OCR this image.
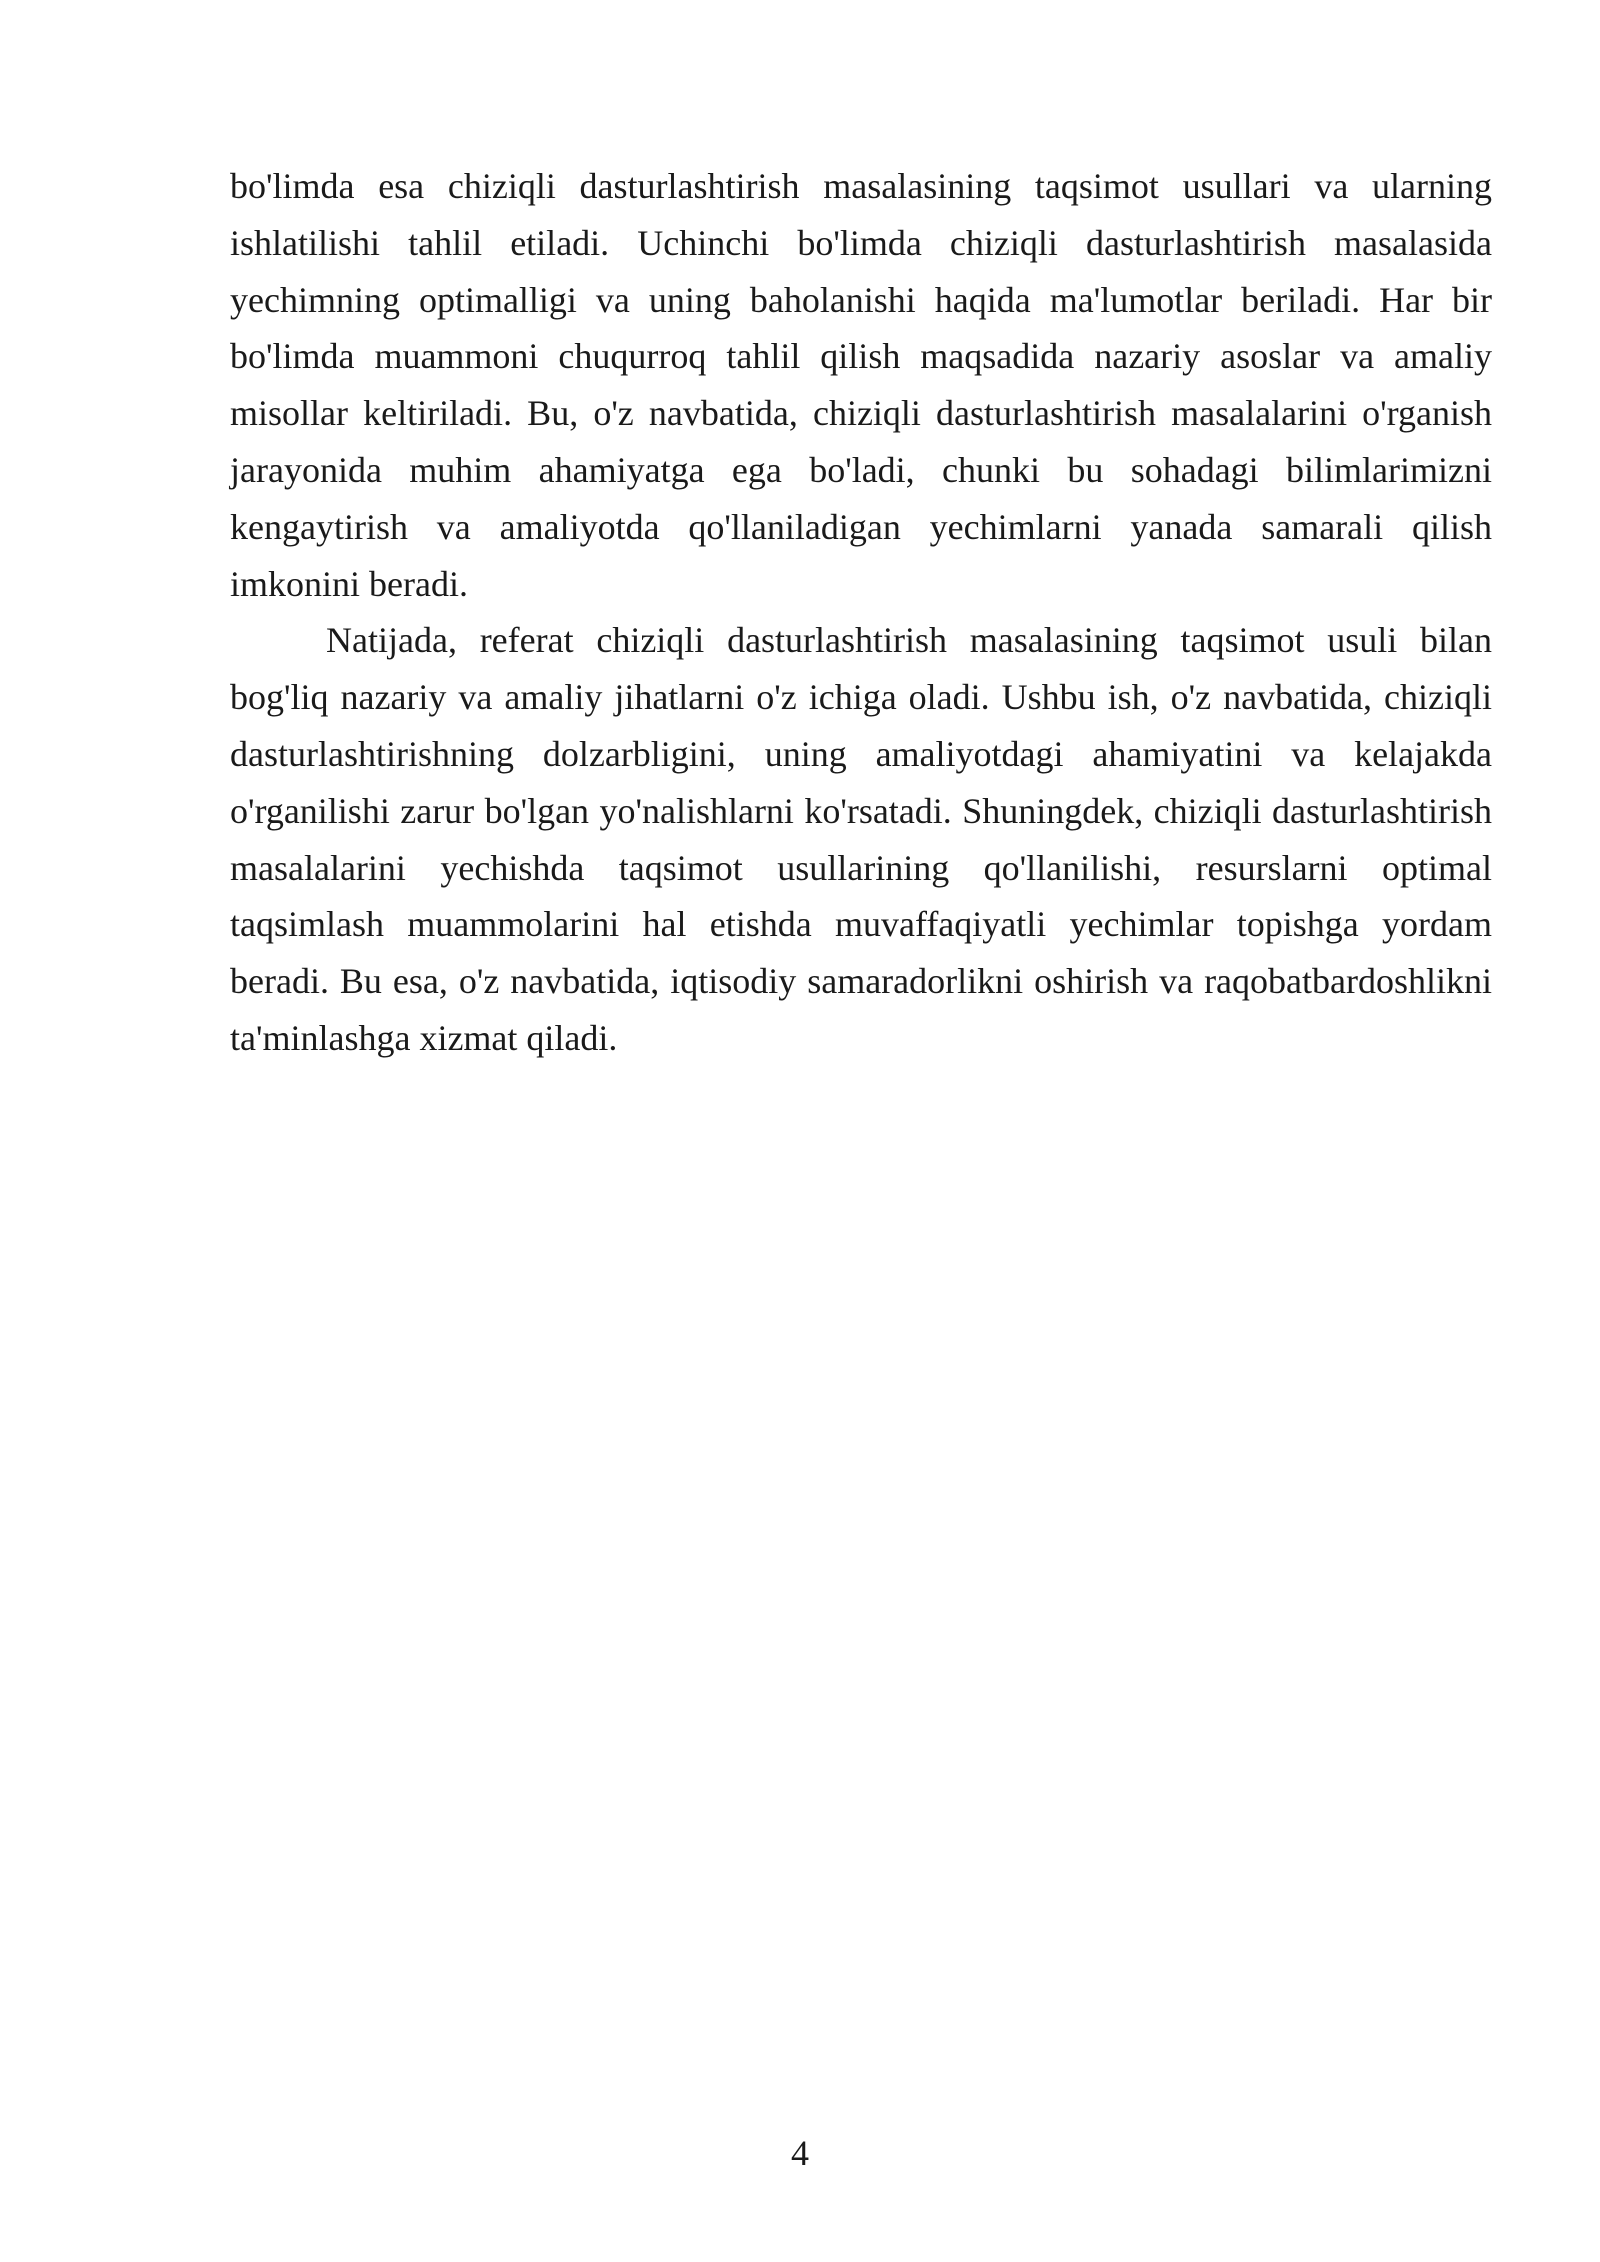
bo'limda esa chiziqli dasturlashtirish masalasining taqsimot usullari va ularning ishlatilishi tahlil etiladi. Uchinchi bo'limda chiziqli dasturlashtirish masalasida yechimning optimalligi va uning baholanishi haqida ma'lumotlar beriladi. Har bir bo'limda muammoni chuqurroq tahlil qilish maqsadida nazariy asoslar va amaliy misollar keltiriladi. Bu, o'z navbatida, chiziqli dasturlashtirish masalalarini o'rganish jarayonida muhim ahamiyatga ega bo'ladi, chunki bu sohadagi bilimlarimizni kengaytirish va amaliyotda qo'llaniladigan yechimlarni yanada samarali qilish imkonini beradi.

Natijada, referat chiziqli dasturlashtirish masalasining taqsimot usuli bilan bog'liq nazariy va amaliy jihatlarni o'z ichiga oladi. Ushbu ish, o'z navbatida, chiziqli dasturlashtirishning dolzarbligini, uning amaliyotdagi ahamiyatini va kelajakda o'rganilishi zarur bo'lgan yo'nalishlarni ko'rsatadi. Shuningdek, chiziqli dasturlashtirish masalalarini yechishda taqsimot usullarining qo'llanilishi, resurslarni optimal taqsimlash muammolarini hal etishda muvaffaqiyatli yechimlar topishga yordam beradi. Bu esa, o'z navbatida, iqtisodiy samaradorlikni oshirish va raqobatbardoshlikni ta'minlashga xizmat qiladi.

4
